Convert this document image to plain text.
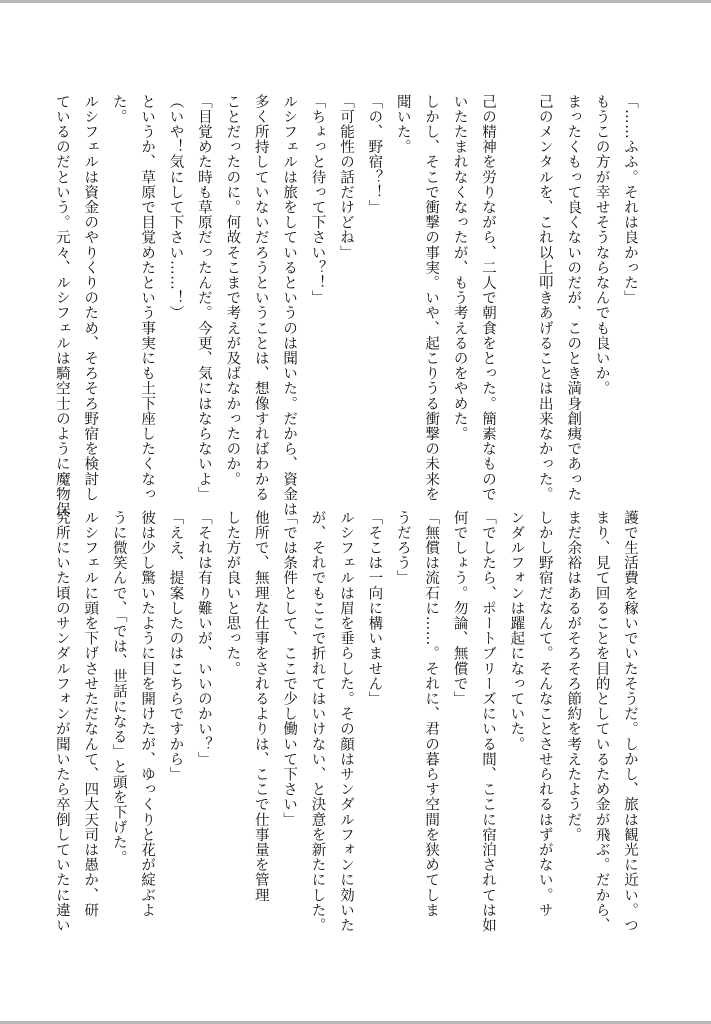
「……ふふ。それは良かった」
もうこの方が幸せそうならなんでも良いか。
まったくもって良くないのだが、このとき満身創痍であった
己のメンタルを、これ以上叩きあげることは出来なかった。

己の精神を労りながら、二人で朝食をとった。簡素なもので
いたたまれなくなったが、もう考えるのをやめた。
しかし、そこで衝撃の事実。いや、起こりうる衝撃の未来を
聞いた。
「の、野宿？！」
「可能性の話だけどね」
「ちょっと待って下さい？！」
ルシフェルは旅をしているというのは聞いた。だから、資金は
多く所持していないだろうということは、想像すればわかる
ことだったのに。何故そこまで考えが及ばなかったのか。
「目覚めた時も草原だったんだ。今更、気にはならないよ」
（いや！気にして下さい……！）
というか、草原で目覚めたという事実にも土下座したくなっ
た。
ルシフェルは資金のやりくりのため、そろそろ野宿を検討し
ているのだという。元々、ルシフェルは騎空士のように魔物保
護で生活費を稼いでいたそうだ。しかし、旅は観光に近い。つ
まり、見て回ることを目的としているため金が飛ぶ。だから、
まだ余裕はあるがそろそろ節約を考えたようだ。
しかし野宿だなんて。そんなことさせられるはずがない。サ
ンダルフォンは躍起になっていた。
「でしたら、ポートブリーズにいる間、ここに宿泊されては如
何でしょう。勿論、無償で」
「無償は流石に……。それに、君の暮らす空間を狭めてしま
うだろう」
「そこは一向に構いません」
ルシフェルは眉を垂らした。その顔はサンダルフォンに効いた
が、それでもここで折れてはいけない、と決意を新たにした。
「では条件として、ここで少し働いて下さい」
他所で、無理な仕事をされるよりは、ここで仕事量を管理
した方が良いと思った。
「それは有り難いが、いいのかい？」
「ええ、提案したのはこちらですから」
彼は少し驚いたように目を開けたが、ゆっくりと花が綻ぶよ
うに微笑んで、「では、世話になる」と頭を下げた。
ルシフェルに頭を下げさせただなんて、四大天司は愚か、研
究所にいた頃のサンダルフォンが聞いたら卒倒していたに違い
